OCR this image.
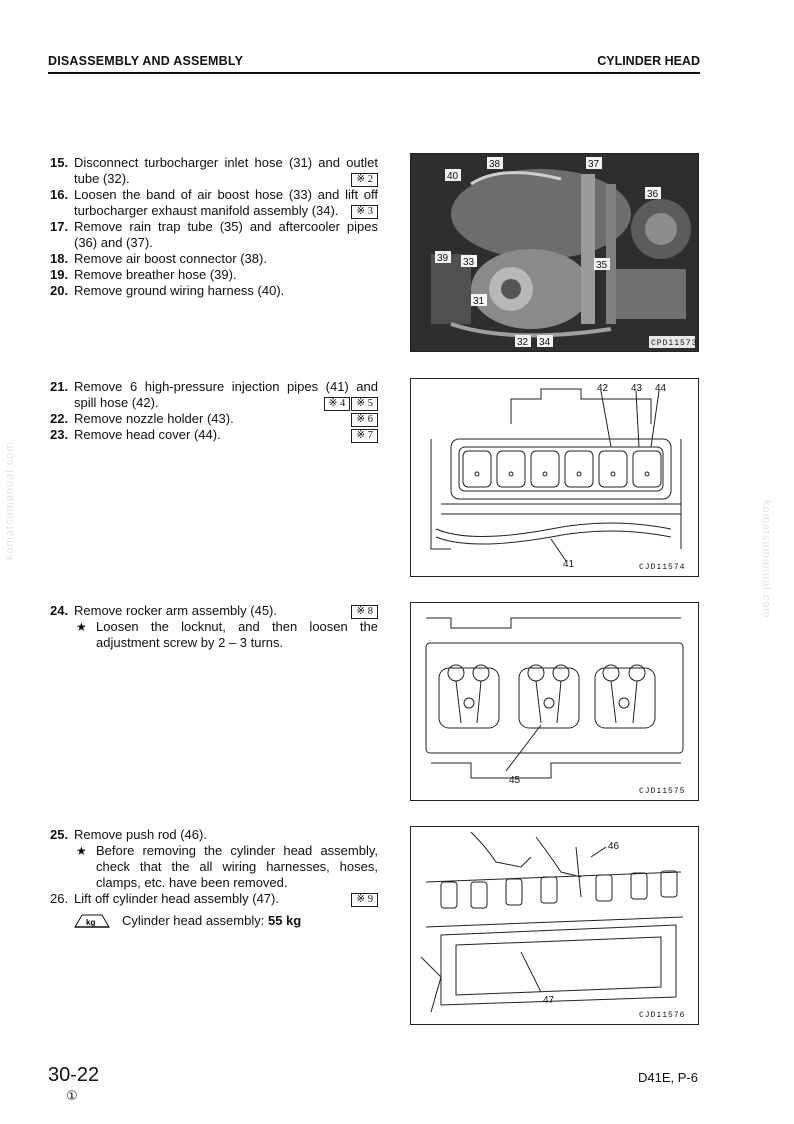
DISASSEMBLY AND ASSEMBLY	CYLINDER HEAD
komatsumanual.com	komatsumanual.com
15. Disconnect turbocharger inlet hose (31) and outlet tube (32).	※ 2
16. Loosen the band of air boost hose (33) and lift off turbocharger exhaust manifold assembly (34).	※ 3
17. Remove rain trap tube (35) and aftercooler pipes (36) and (37).
18. Remove air boost connector (38).
19. Remove breather hose (39).
20. Remove ground wiring harness (40).
38	37
40
36
39 33	35
31
32 34	CPD11573
21. Remove 6 high-pressure injection pipes (41) and spill hose (42).	※ 4	※ 5
22. Remove nozzle holder (43).	※ 6
23. Remove head cover (44).	※ 7
42 43 44
41	CJD11574
24. Remove rocker arm assembly (45).	※ 8
★ Loosen the locknut, and then loosen the adjustment screw by 2 – 3 turns.
45
CJD11575
25. Remove push rod (46).
★ Before removing the cylinder head assembly, check that the all wiring harnesses, hoses, clamps, etc. have been removed.
26. Lift off cylinder head assembly (47).	※ 9
kg Cylinder head assembly: 55 kg
46
47
CJD11576
30-22
①
D41E, P-6
